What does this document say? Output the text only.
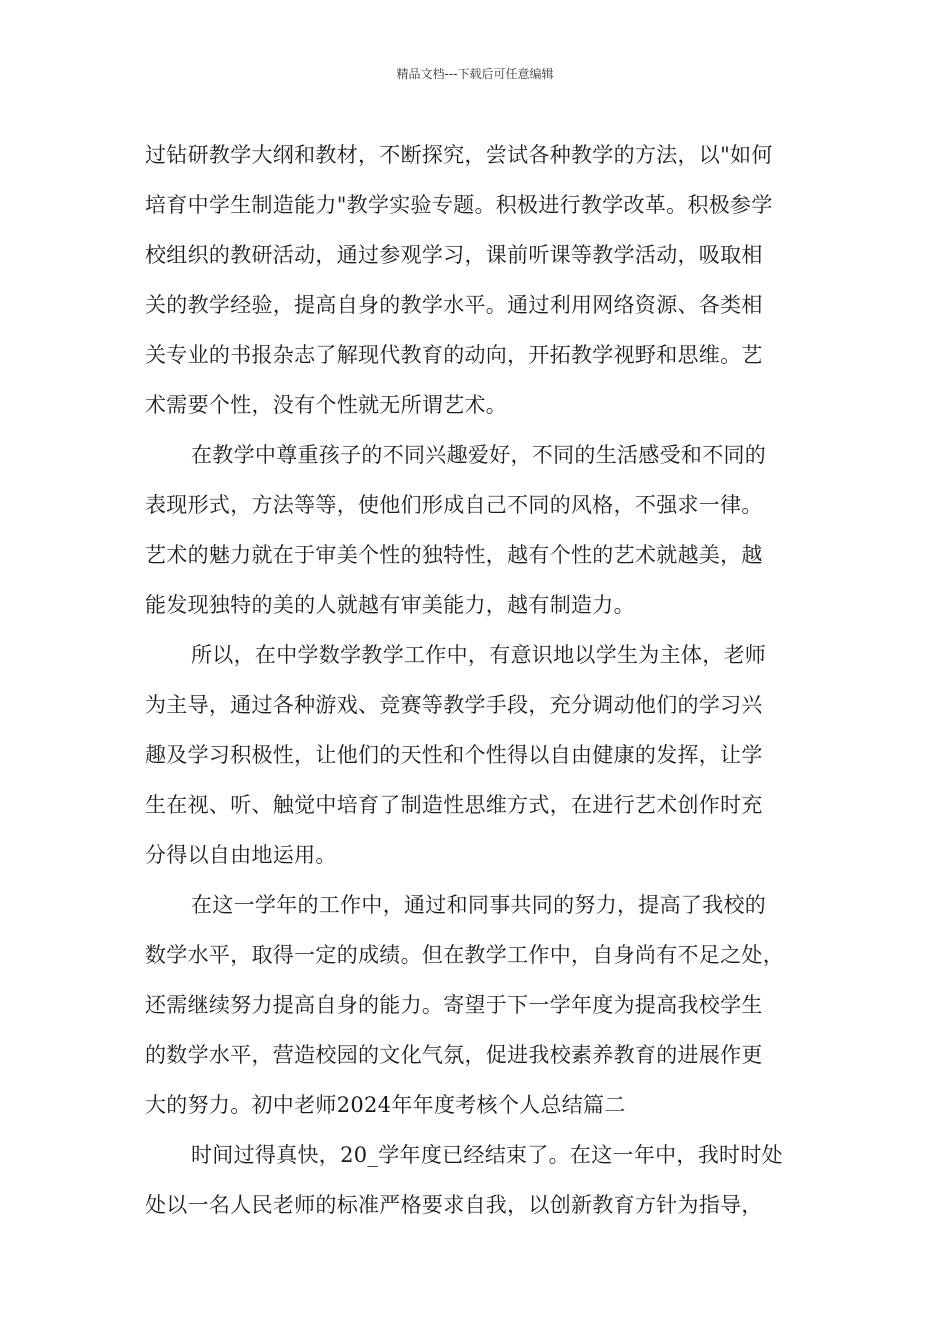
精品文档---下载后可任意编辑
过钻研教学大纲和教材，不断探究，尝试各种教学的方法，以"如何
培育中学生制造能力"教学实验专题。积极进行教学改革。积极参学
校组织的教研活动，通过参观学习，课前听课等教学活动，吸取相
关的教学经验，提高自身的教学水平。通过利用网络资源、各类相
关专业的书报杂志了解现代教育的动向，开拓教学视野和思维。艺
术需要个性，没有个性就无所谓艺术。
在教学中尊重孩子的不同兴趣爱好，不同的生活感受和不同的
表现形式，方法等等，使他们形成自己不同的风格，不强求一律。
艺术的魅力就在于审美个性的独特性，越有个性的艺术就越美，越
能发现独特的美的人就越有审美能力，越有制造力。
所以，在中学数学教学工作中，有意识地以学生为主体，老师
为主导，通过各种游戏、竞赛等教学手段，充分调动他们的学习兴
趣及学习积极性，让他们的天性和个性得以自由健康的发挥，让学
生在视、听、触觉中培育了制造性思维方式，在进行艺术创作时充
分得以自由地运用。
在这一学年的工作中，通过和同事共同的努力，提高了我校的
数学水平，取得一定的成绩。但在教学工作中，自身尚有不足之处，
还需继续努力提高自身的能力。寄望于下一学年度为提高我校学生
的数学水平，营造校园的文化气氛，促进我校素养教育的进展作更
大的努力。初中老师2024年年度考核个人总结篇二
时间过得真快，20_学年度已经结束了。在这一年中，我时时处
处以一名人民老师的标准严格要求自我，以创新教育方针为指导，
